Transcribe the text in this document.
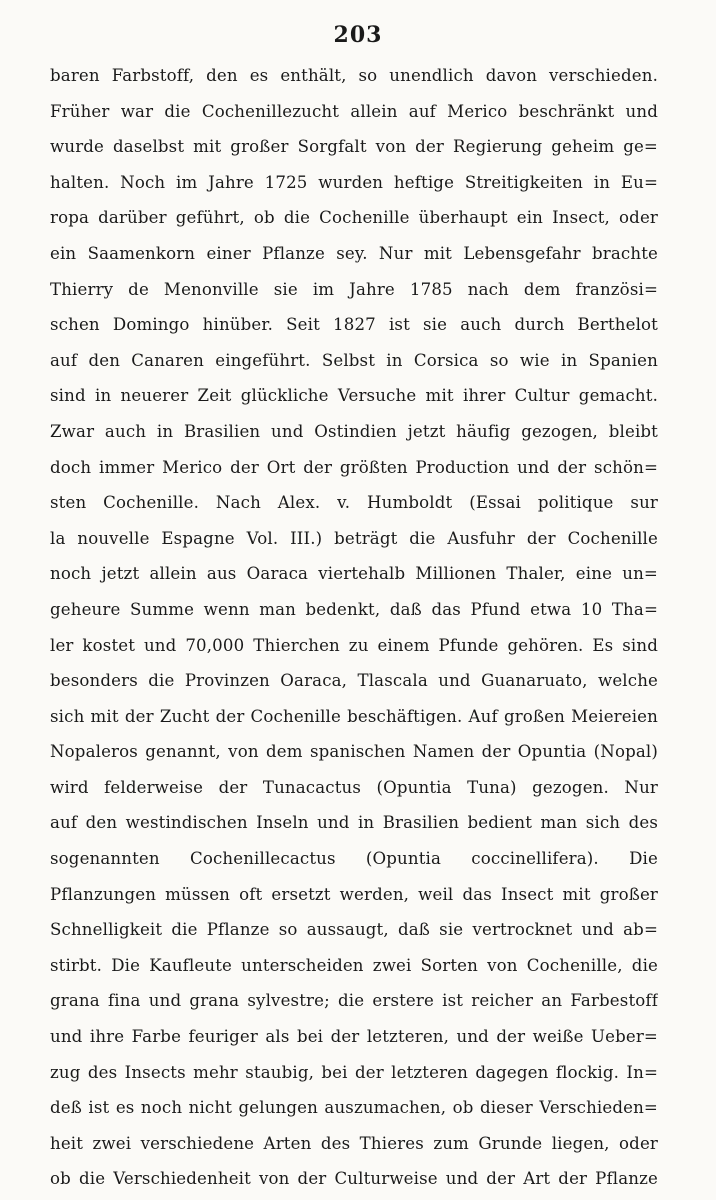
203
baren Farbstoff, den es enthält, so unendlich davon verschieden.
Früher war die Cochenillezucht allein auf Merico beschränkt und
wurde daselbst mit großer Sorgfalt von der Regierung geheim ge=
halten. Noch im Jahre 1725 wurden heftige Streitigkeiten in Eu=
ropa darüber geführt, ob die Cochenille überhaupt ein Insect, oder
ein Saamenkorn einer Pflanze sey. Nur mit Lebensgefahr brachte
Thierry de Menonville sie im Jahre 1785 nach dem französi=
schen Domingo hinüber. Seit 1827 ist sie auch durch Berthelot
auf den Canaren eingeführt. Selbst in Corsica so wie in Spanien
sind in neuerer Zeit glückliche Versuche mit ihrer Cultur gemacht.
Zwar auch in Brasilien und Ostindien jetzt häufig gezogen, bleibt
doch immer Merico der Ort der größten Production und der schön=
sten Cochenille. Nach Alex. v. Humboldt (Essai politique sur
la nouvelle Espagne Vol. III.) beträgt die Ausfuhr der Cochenille
noch jetzt allein aus Oaraca viertehalb Millionen Thaler, eine un=
geheure Summe wenn man bedenkt, daß das Pfund etwa 10 Tha=
ler kostet und 70,000 Thierchen zu einem Pfunde gehören. Es sind
besonders die Provinzen Oaraca, Tlascala und Guanaruato, welche
sich mit der Zucht der Cochenille beschäftigen. Auf großen Meiereien
Nopaleros genannt, von dem spanischen Namen der Opuntia (Nopal)
wird felderweise der Tunacactus (Opuntia Tuna) gezogen. Nur
auf den westindischen Inseln und in Brasilien bedient man sich des
sogenannten Cochenillecactus (Opuntia coccinellifera). Die
Pflanzungen müssen oft ersetzt werden, weil das Insect mit großer
Schnelligkeit die Pflanze so aussaugt, daß sie vertrocknet und ab=
stirbt. Die Kaufleute unterscheiden zwei Sorten von Cochenille, die
grana fina und grana sylvestre; die erstere ist reicher an Farbestoff
und ihre Farbe feuriger als bei der letzteren, und der weiße Ueber=
zug des Insects mehr staubig, bei der letzteren dagegen flockig. In=
deß ist es noch nicht gelungen auszumachen, ob dieser Verschieden=
heit zwei verschiedene Arten des Thieres zum Grunde liegen, oder
ob die Verschiedenheit von der Culturweise und der Art der Pflanze
